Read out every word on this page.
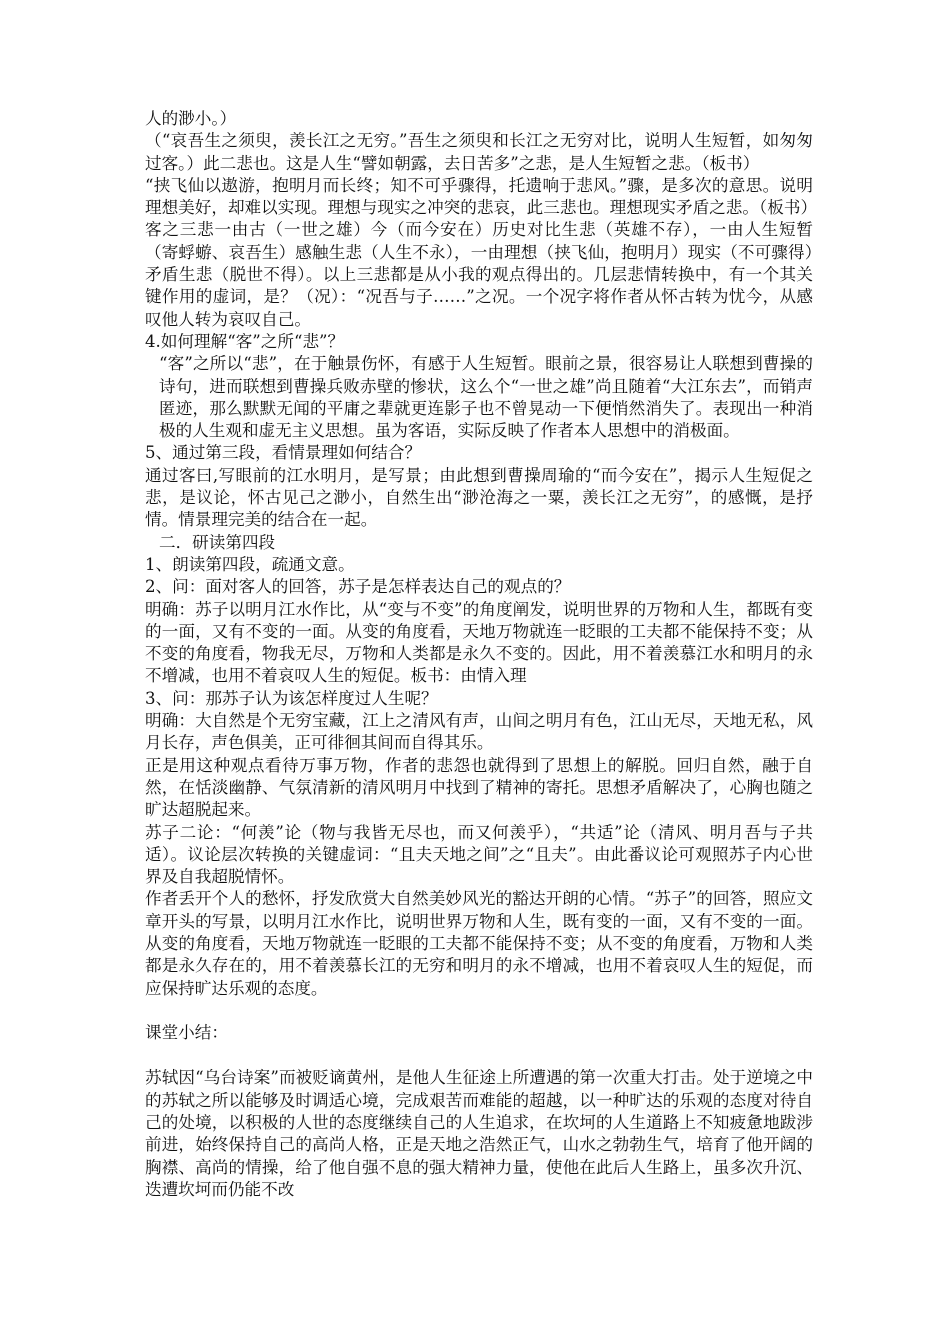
人的渺小。）

（“哀吾生之须臾，羡长江之无穷。”吾生之须臾和长江之无穷对比，说明人生短暂，如匆匆过客。）此二悲也。这是人生“譬如朝露，去日苦多”之悲，是人生短暂之悲。（板书）

“挟飞仙以遨游，抱明月而长终；知不可乎骤得，托遗响于悲风。”骤，是多次的意思。说明理想美好，却难以实现。理想与现实之冲突的悲哀，此三悲也。理想现实矛盾之悲。（板书）

客之三悲一由古（一世之雄）今（而今安在）历史对比生悲（英雄不存），一由人生短暂（寄蜉蝣、哀吾生）感触生悲（人生不永），一由理想（挟飞仙，抱明月）现实（不可骤得）矛盾生悲（脱世不得）。以上三悲都是从小我的观点得出的。几层悲情转换中，有一个其关键作用的虚词，是？（况）：“况吾与子……”之况。一个况字将作者从怀古转为忧今，从感叹他人转为哀叹自己。

4.如何理解“客”之所“悲”？

“客”之所以“悲”，在于触景伤怀，有感于人生短暂。眼前之景，很容易让人联想到曹操的诗句，进而联想到曹操兵败赤壁的惨状，这么个“一世之雄”尚且随着“大江东去”，而销声匿迹，那么默默无闻的平庸之辈就更连影子也不曾晃动一下便悄然消失了。表现出一种消极的人生观和虚无主义思想。虽为客语，实际反映了作者本人思想中的消极面。

5、通过第三段，看情景理如何结合？

通过客曰,写眼前的江水明月，是写景；由此想到曹操周瑜的“而今安在”，揭示人生短促之悲，是议论，怀古见己之渺小，自然生出“渺沧海之一粟，羡长江之无穷”，的感慨，是抒情。情景理完美的结合在一起。

二．研读第四段

1、朗读第四段，疏通文意。

2、问：面对客人的回答，苏子是怎样表达自己的观点的？

明确：苏子以明月江水作比，从“变与不变”的角度阐发，说明世界的万物和人生，都既有变的一面，又有不变的一面。从变的角度看，天地万物就连一眨眼的工夫都不能保持不变；从不变的角度看，物我无尽，万物和人类都是永久不变的。因此，用不着羡慕江水和明月的永不增减，也用不着哀叹人生的短促。板书：由情入理

3、问：那苏子认为该怎样度过人生呢？

明确：大自然是个无穷宝藏，江上之清风有声，山间之明月有色，江山无尽，天地无私，风月长存，声色俱美，正可徘徊其间而自得其乐。

正是用这种观点看待万事万物，作者的悲怨也就得到了思想上的解脱。回归自然，融于自然，在恬淡幽静、气氛清新的清风明月中找到了精神的寄托。思想矛盾解决了，心胸也随之旷达超脱起来。

苏子二论：“何羡”论（物与我皆无尽也，而又何羡乎），“共适”论（清风、明月吾与子共适）。议论层次转换的关键虚词：“且夫天地之间”之“且夫”。由此番议论可观照苏子内心世界及自我超脱情怀。

作者丢开个人的愁怀，抒发欣赏大自然美妙风光的豁达开朗的心情。“苏子”的回答，照应文章开头的写景，以明月江水作比，说明世界万物和人生，既有变的一面，又有不变的一面。从变的角度看，天地万物就连一眨眼的工夫都不能保持不变；从不变的角度看，万物和人类都是永久存在的，用不着羡慕长江的无穷和明月的永不增减，也用不着哀叹人生的短促，而应保持旷达乐观的态度。

课堂小结：

苏轼因“乌台诗案”而被贬谪黄州，是他人生征途上所遭遇的第一次重大打击。处于逆境之中的苏轼之所以能够及时调适心境，完成艰苦而难能的超越，以一种旷达的乐观的态度对待自己的处境，以积极的人世的态度继续自己的人生追求，在坎坷的人生道路上不知疲惫地跋涉前进，始终保持自己的高尚人格，正是天地之浩然正气，山水之勃勃生气，培育了他开阔的胸襟、高尚的情操，给了他自强不息的强大精神力量，使他在此后人生路上，虽多次升沉、迭遭坎坷而仍能不改
